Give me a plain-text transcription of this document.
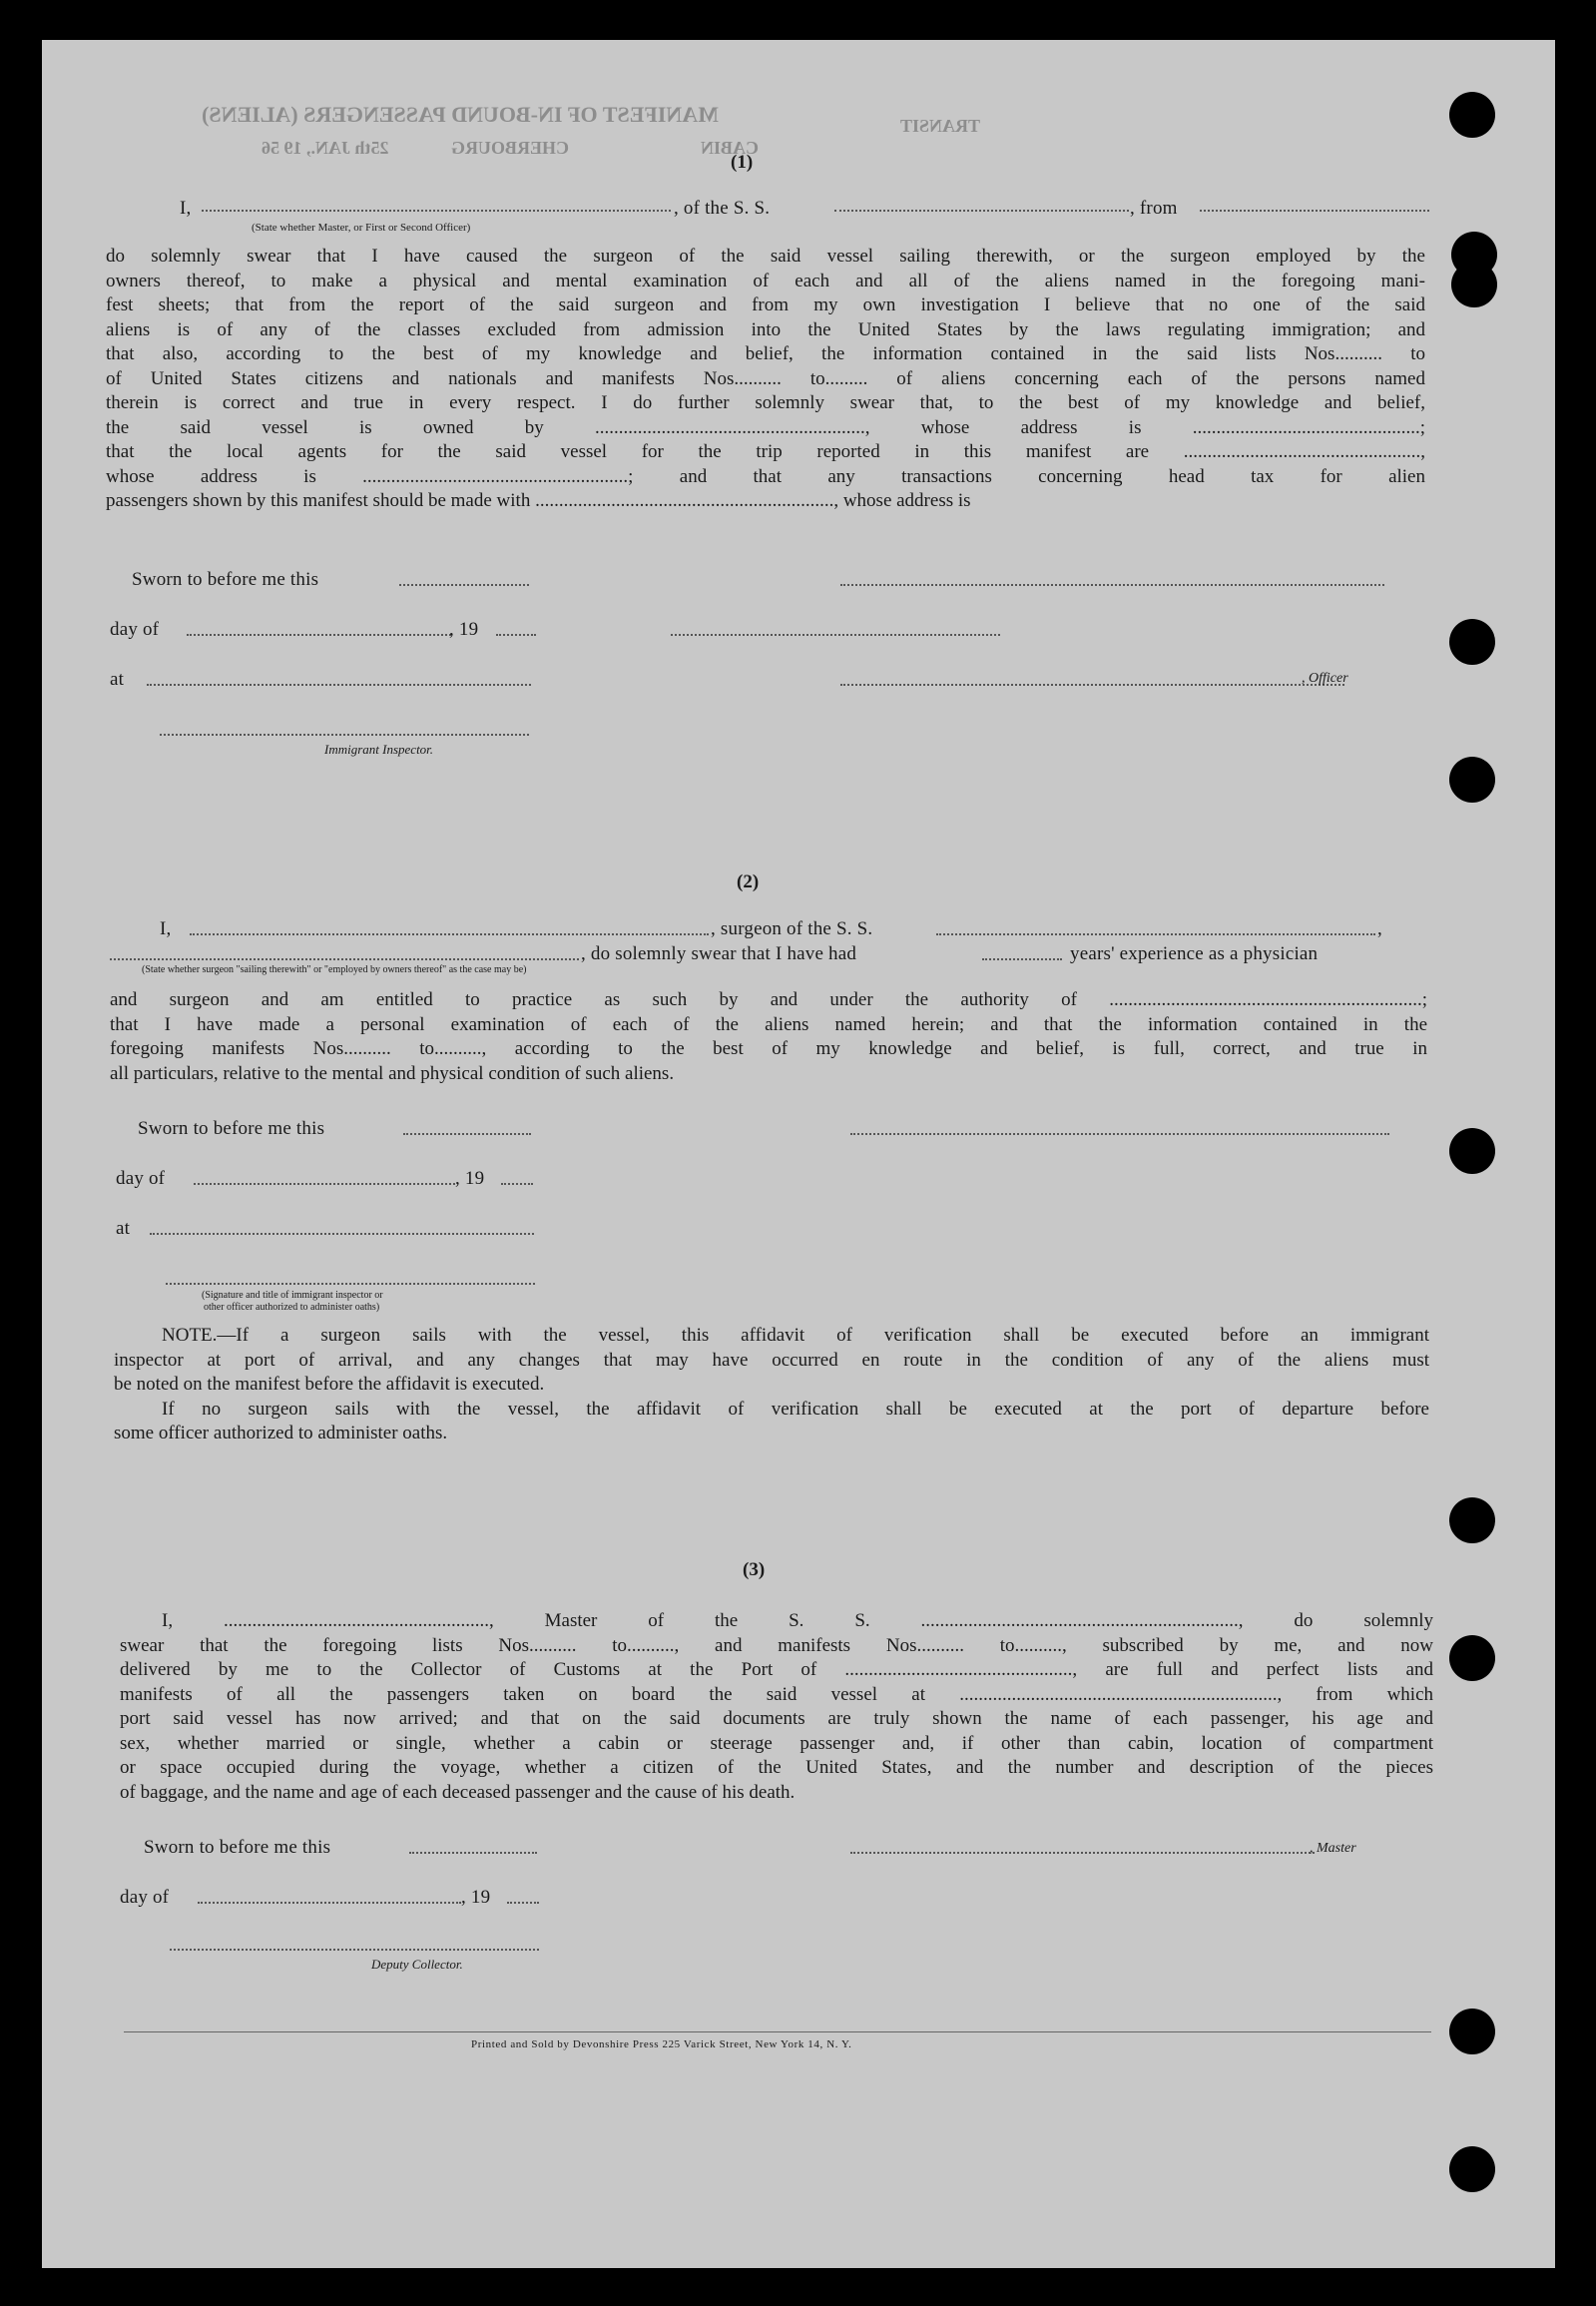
MANIFEST OF IN-BOUND PASSENGERS (ALIENS)
25th JAN., 19 56	CHERBOURG	CABIN
TRANSIT
(1)
I,	, of the S. S.	, from
(State whether Master, or First or Second Officer)
do solemnly swear that I have caused the surgeon of the said vessel sailing therewith, or the surgeon employed by the
owners thereof, to make a physical and mental examination of each and all of the aliens named in the foregoing mani-
fest sheets; that from the report of the said surgeon and from my own investigation I believe that no one of the said
aliens is of any of the classes excluded from admission into the United States by the laws regulating immigration; and
that also, according to the best of my knowledge and belief, the information contained in the said lists Nos.......... to
of United States citizens and nationals and manifests Nos.......... to......... of aliens concerning each of the persons named
therein is correct and true in every respect. I do further solemnly swear that, to the best of my knowledge and belief,
the said vessel is owned by ........................................................., whose address is ................................................;
that the local agents for the said vessel for the trip reported in this manifest are ..................................................,
whose address is ........................................................; and that any transactions concerning head tax for alien
passengers shown by this manifest should be made with ..............................................................., whose address is
Sworn to before me this
day of	, 19
at	, Officer
Immigrant Inspector.
(2)
I,	, surgeon of the S. S.	,
, do solemnly swear that I have had	years' experience as a physician
(State whether surgeon "sailing therewith" or "employed by owners thereof" as the case may be)
and surgeon and am entitled to practice as such by and under the authority of ..................................................................;
that I have made a personal examination of each of the aliens named herein; and that the information contained in the
foregoing manifests Nos.......... to.........., according to the best of my knowledge and belief, is full, correct, and true in
all particulars, relative to the mental and physical condition of such aliens.
Sworn to before me this
day of	, 19
at
(Signature and title of immigrant inspector or
other officer authorized to administer oaths)
NOTE.—If a surgeon sails with the vessel, this affidavit of verification shall be executed before an immigrant
inspector at port of arrival, and any changes that may have occurred en route in the condition of any of the aliens must
be noted on the manifest before the affidavit is executed.
If no surgeon sails with the vessel, the affidavit of verification shall be executed at the port of departure before
some officer authorized to administer oaths.
(3)
I, ........................................................, Master of the S. S. ..................................................................., do solemnly
swear that the foregoing lists Nos.......... to.........., and manifests Nos.......... to.........., subscribed by me, and now
delivered by me to the Collector of Customs at the Port of ................................................, are full and perfect lists and
manifests of all the passengers taken on board the said vessel at ..................................................................., from which
port said vessel has now arrived; and that on the said documents are truly shown the name of each passenger, his age and
sex, whether married or single, whether a cabin or steerage passenger and, if other than cabin, location of compartment
or space occupied during the voyage, whether a citizen of the United States, and the number and description of the pieces
of baggage, and the name and age of each deceased passenger and the cause of his death.
Sworn to before me this	, Master
day of	, 19
Deputy Collector.
Printed and Sold by Devonshire Press 225 Varick Street, New York 14, N. Y.
